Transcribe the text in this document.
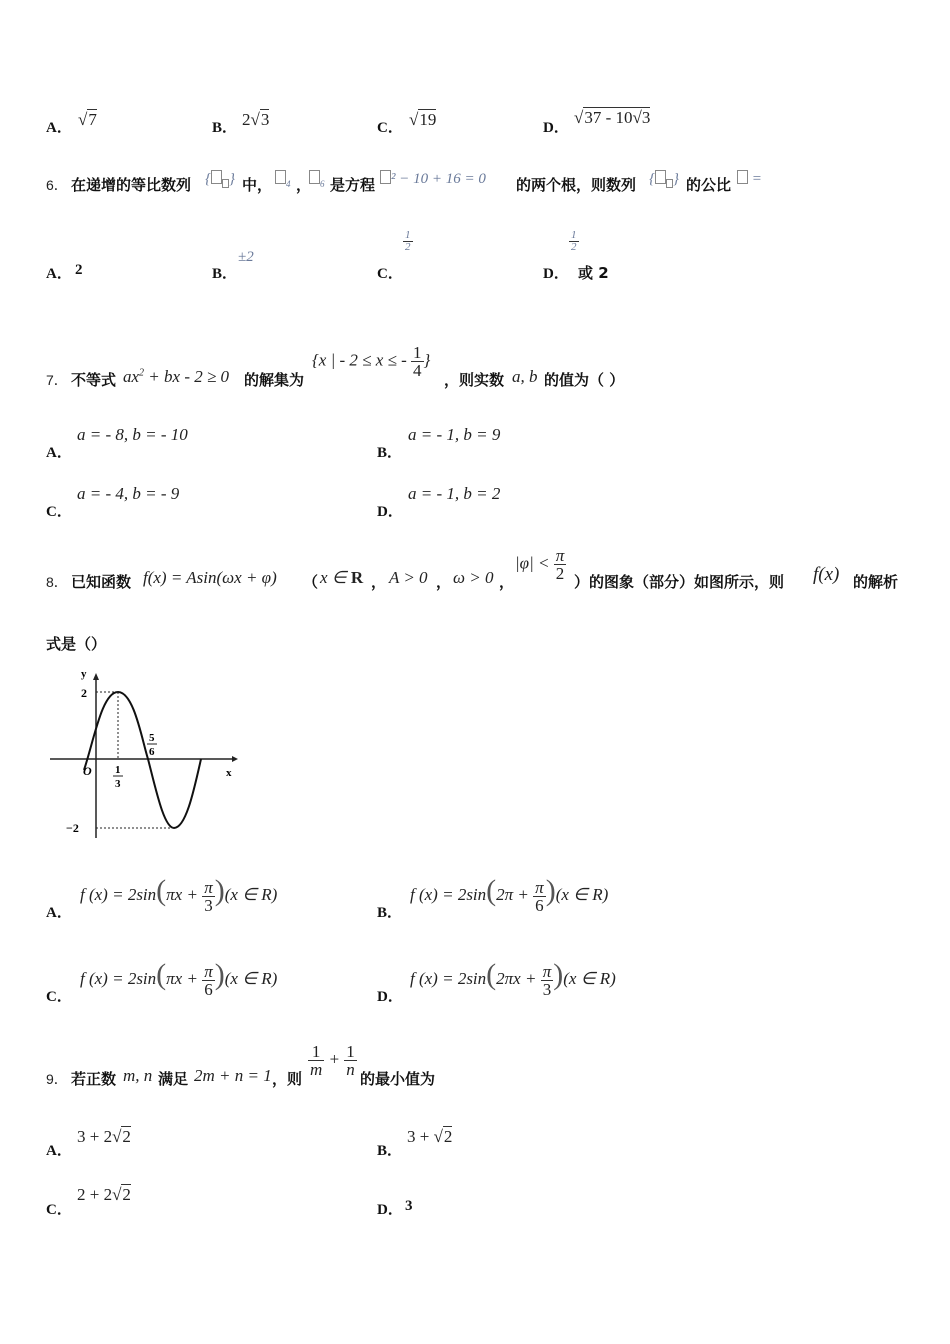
A． √7	B． 2√3	C． √19	D．
√37 - 10√3
6． 在递增的等比数列 { } 中，	$_4$ ， $_6$ 是方程	² − 10 + 16 = 0 的两个根，则数列 { } 的公比	=
A． 2	B．
±2
C．
$\frac{1}{2}$
D．
$\frac{1}{2}$
或 2
7． 不等式 $ax^2$ + bx - 2 ≥ 0 的解集为
{x | - 2 ≤ x ≤ - $\frac{1}{4}$ }
，则实数 a, b 的值为（ ）
A．
a = - 8, b = - 10
B．
a = - 1, b = 9
C．
a = - 4, b = - 9
D．
a = - 1, b = 2
8． 已知函数 f(x) = Asin(ωx + φ) （ x ∈ R ， A > 0 ， ω > 0 ，
$|\varphi| < \frac{\pi}{2}$ ）的图象（部分）如图所示，则 f(x) 的解析
式是（）
y
x
O
2
−2
1
3
5
6
A．
f $(x) = 2\sin(\pi x + \frac{\pi}{3} )(x$ ∈ R)
B．
f $(x) = 2\sin(2\pi + \frac{\pi}{6} )(x$ ∈ R)
C．
f $(x) = 2\sin(\pi x + \frac{\pi}{6} )(x$ ∈ R)
D．
f $(x) = 2\sin(2\pi x + \frac{\pi}{3} )(x$ ∈ R)
9． 若正数 m, n 满足 2m + n = 1 ，则
$\frac{1}{m} + \frac{1}{n}$
的最小值为
A．
3 + 2√2
B．
3 + √2
C．
2 + 2√2
D． 3
